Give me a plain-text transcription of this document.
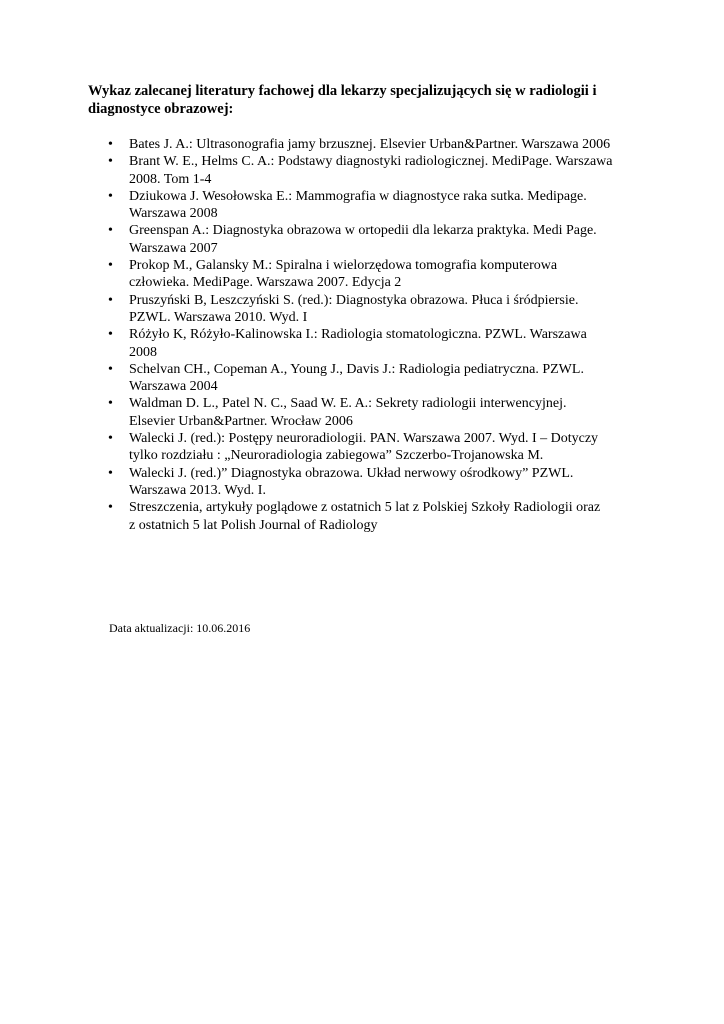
Wykaz zalecanej literatury fachowej dla lekarzy specjalizujących się w radiologii i
diagnostyce obrazowej:
• Bates J. A.: Ultrasonografia jamy brzusznej. Elsevier Urban&Partner. Warszawa 2006
• Brant W. E., Helms C. A.: Podstawy diagnostyki radiologicznej. MediPage. Warszawa
2008. Tom 1-4
• Dziukowa J. Wesołowska E.: Mammografia w diagnostyce raka sutka. Medipage.
Warszawa 2008
• Greenspan A.: Diagnostyka obrazowa w ortopedii dla lekarza praktyka. Medi Page.
Warszawa 2007
• Prokop M., Galansky M.: Spiralna i wielorzędowa tomografia komputerowa
człowieka. MediPage. Warszawa 2007. Edycja 2
• Pruszyński B, Leszczyński S. (red.): Diagnostyka obrazowa. Płuca i śródpiersie.
PZWL. Warszawa 2010. Wyd. I
• Różyło K, Różyło-Kalinowska I.: Radiologia stomatologiczna. PZWL. Warszawa
2008
• Schelvan CH., Copeman A., Young J., Davis J.: Radiologia pediatryczna. PZWL.
Warszawa 2004
• Waldman D. L., Patel N. C., Saad W. E. A.: Sekrety radiologii interwencyjnej.
Elsevier Urban&Partner. Wrocław 2006
• Walecki J. (red.): Postępy neuroradiologii. PAN. Warszawa 2007. Wyd. I – Dotyczy
tylko rozdziału : „Neuroradiologia zabiegowa” Szczerbo-Trojanowska M.
• Walecki J. (red.)” Diagnostyka obrazowa. Układ nerwowy ośrodkowy” PZWL.
Warszawa 2013. Wyd. I.
• Streszczenia, artykuły poglądowe z ostatnich 5 lat z Polskiej Szkoły Radiologii oraz
z ostatnich 5 lat Polish Journal of Radiology

Data aktualizacji: 10.06.2016
